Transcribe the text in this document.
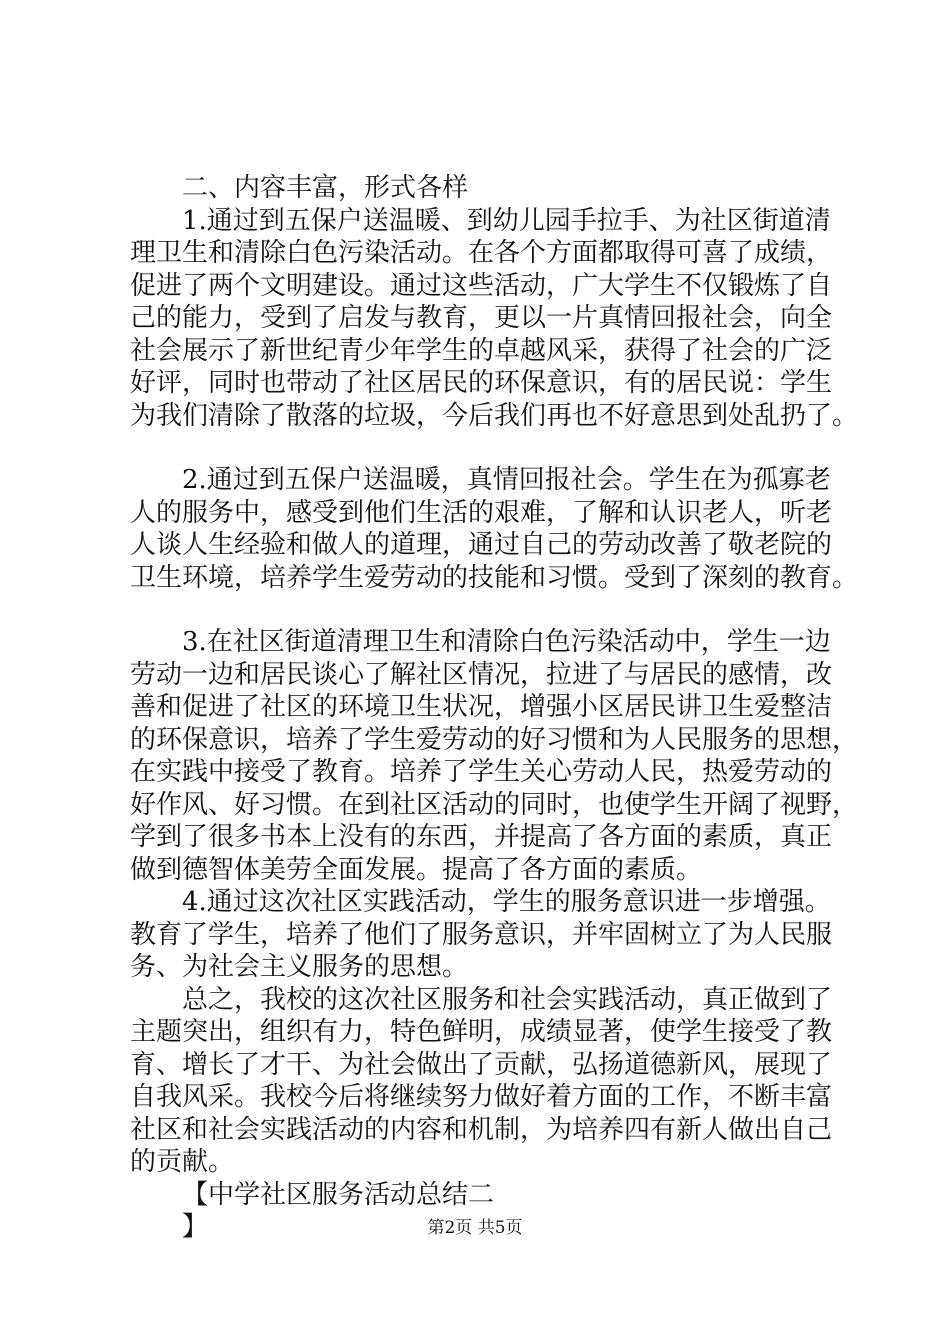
二、内容丰富，形式各样
1.通过到五保户送温暖、到幼儿园手拉手、为社区街道清
理卫生和清除白色污染活动。在各个方面都取得可喜了成绩，
促进了两个文明建设。通过这些活动，广大学生不仅锻炼了自
己的能力，受到了启发与教育，更以一片真情回报社会，向全
社会展示了新世纪青少年学生的卓越风采，获得了社会的广泛
好评，同时也带动了社区居民的环保意识，有的居民说：学生
为我们清除了散落的垃圾，今后我们再也不好意思到处乱扔了。
2.通过到五保户送温暖，真情回报社会。学生在为孤寡老
人的服务中，感受到他们生活的艰难，了解和认识老人，听老
人谈人生经验和做人的道理，通过自己的劳动改善了敬老院的
卫生环境，培养学生爱劳动的技能和习惯。受到了深刻的教育。
3.在社区街道清理卫生和清除白色污染活动中，学生一边
劳动一边和居民谈心了解社区情况，拉进了与居民的感情，改
善和促进了社区的环境卫生状况，增强小区居民讲卫生爱整洁
的环保意识，培养了学生爱劳动的好习惯和为人民服务的思想，
在实践中接受了教育。培养了学生关心劳动人民，热爱劳动的
好作风、好习惯。在到社区活动的同时，也使学生开阔了视野，
学到了很多书本上没有的东西，并提高了各方面的素质，真正
做到德智体美劳全面发展。提高了各方面的素质。
4.通过这次社区实践活动，学生的服务意识进一步增强。
教育了学生，培养了他们了服务意识，并牢固树立了为人民服
务、为社会主义服务的思想。
总之，我校的这次社区服务和社会实践活动，真正做到了
主题突出，组织有力，特色鲜明，成绩显著，使学生接受了教
育、增长了才干、为社会做出了贡献，弘扬道德新风，展现了
自我风采。我校今后将继续努力做好着方面的工作，不断丰富
社区和社会实践活动的内容和机制，为培养四有新人做出自己
的贡献。
【中学社区服务活动总结二
】	第2页 共5页
